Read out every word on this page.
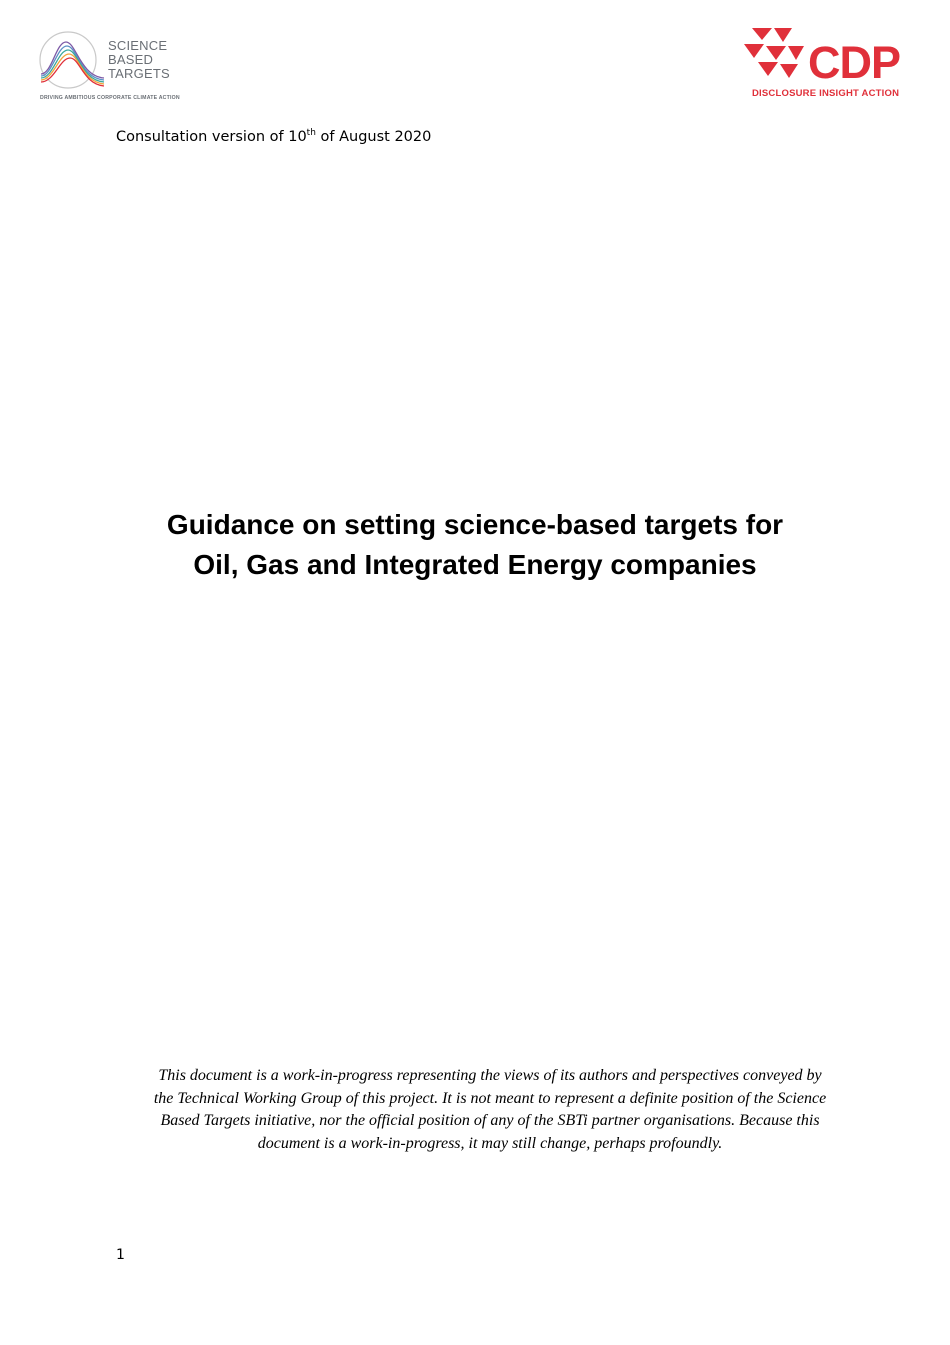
SCIENCE
BASED
TARGETS
DRIVING AMBITIOUS CORPORATE CLIMATE ACTION
CDP
DISCLOSURE INSIGHT ACTION
Consultation version of 10th of August 2020
Guidance on setting science-based targets for
Oil, Gas and Integrated Energy companies
This document is a work-in-progress representing the views of its authors and perspectives conveyed by
the Technical Working Group of this project. It is not meant to represent a definite position of the Science
Based Targets initiative, nor the official position of any of the SBTi partner organisations. Because this
document is a work-in-progress, it may still change, perhaps profoundly.
1
